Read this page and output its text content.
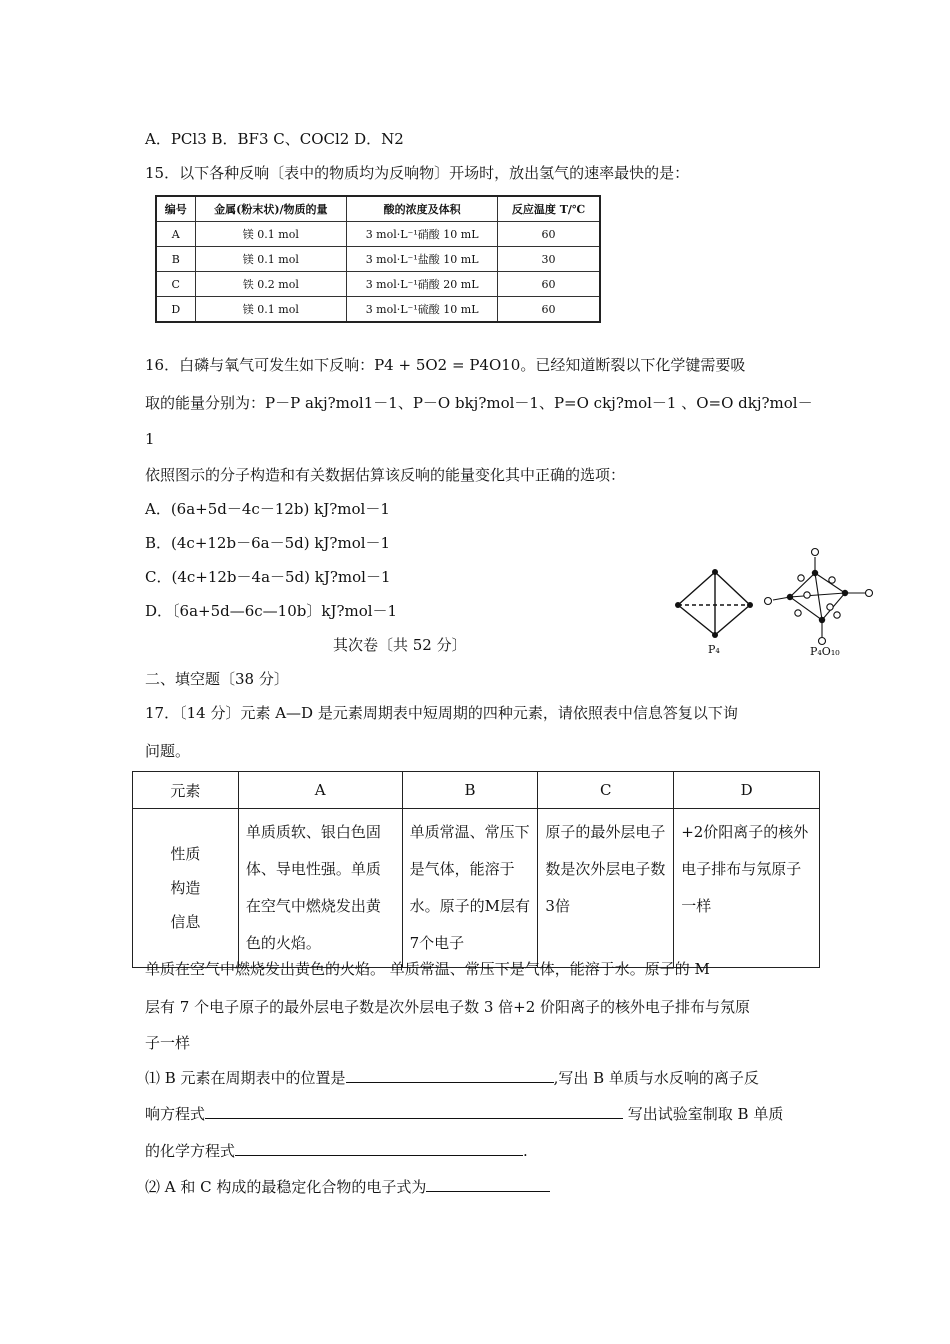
A．PCl3 B．BF3 C、COCl2 D．N2
15．以下各种反响〔表中的物质均为反响物〕开场时，放出氢气的速率最快的是：
编号	金属(粉末状)/物质的量	酸的浓度及体积	反应温度 T/℃
A	镁 0.1 mol	3 mol·L⁻¹硝酸 10 mL	60
B	镁 0.1 mol	3 mol·L⁻¹盐酸 10 mL	30
C	铁 0.2 mol	3 mol·L⁻¹硝酸 20 mL	60
D	镁 0.1 mol	3 mol·L⁻¹硫酸 10 mL	60
16．白磷与氧气可发生如下反响：P4 + 5O2 = P4O10。已经知道断裂以下化学键需要吸
取的能量分别为：P－P akj?mol1－1、P－O bkj?mol－1、P=O ckj?mol－1 、O=O dkj?mol－
1
依照图示的分子构造和有关数据估算该反响的能量变化其中正确的选项：
A．(6a+5d－4c－12b) kJ?mol－1
B．(4c+12b－6a－5d) kJ?mol－1
C．(4c+12b－4a－5d) kJ?mol－1
D．〔6a+5d—6c—10b〕kJ?mol－1
P₄	P₄O₁₀
其次卷〔共 52 分〕
二、填空题〔38 分〕
17．〔14 分〕元素 A—D 是元素周期表中短周期的四种元素，请依照表中信息答复以下询
问题。
元素	A	B	C	D
性质
构造
信息	单质质软、银白色固体、导电性强。单质在空气中燃烧发出黄色的火焰。	单质常温、常压下是气体，能溶于水。原子的M层有7个电子	原子的最外层电子数是次外层电子数3倍	+2价阳离子的核外电子排布与氖原子一样
单质在空气中燃烧发出黄色的火焰。 单质常温、常压下是气体，能溶于水。原子的 M
层有 7 个电子原子的最外层电子数是次外层电子数 3 倍+2 价阳离子的核外电子排布与氖原
子一样
⑴ B 元素在周期表中的位置是	,写出 B 单质与水反响的离子反
响方程式	写出试验室制取 B 单质
的化学方程式	.
⑵ A 和 C 构成的最稳定化合物的电子式为
